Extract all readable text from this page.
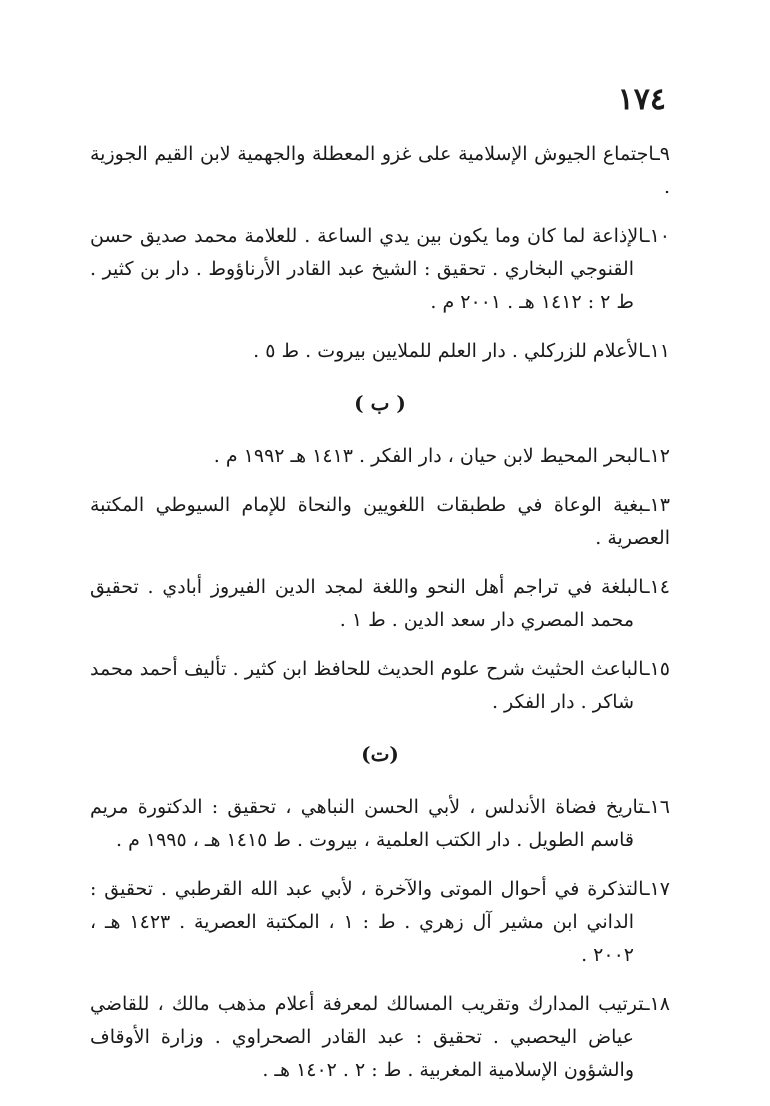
١٧٤
٩ـاجتماع الجيوش الإسلامية على غزو المعطلة والجهمية لابن القيم الجوزية .
١٠ـالإذاعة لما كان وما يكون بين يدي الساعة . للعلامة محمد صديق حسن القنوجي البخاري . تحقيق : الشيخ عبد القادر الأرناؤوط . دار بن كثير . ط ٢ : ١٤١٢ هـ . ٢٠٠١ م .
١١ـالأعلام للزركلي . دار العلم للملايين بيروت . ط ٥ .
( ب )
١٢ـالبحر المحيط لابن حيان ، دار الفكر . ١٤١٣ هـ ١٩٩٢ م .
١٣ـبغية الوعاة في ططبقات اللغويين والنحاة للإمام السيوطي المكتبة العصرية .
١٤ـالبلغة في تراجم أهل النحو واللغة لمجد الدين الفيروز أبادي . تحقيق محمد المصري دار سعد الدين . ط ١ .
١٥ـالباعث الحثيث شرح علوم الحديث للحافظ ابن كثير . تأليف أحمد محمد شاكر . دار الفكر .
(ت)
١٦ـتاريخ فضاة الأندلس ، لأبي الحسن النباهي ، تحقيق : الدكتورة مريم قاسم الطويل . دار الكتب العلمية ، بيروت . ط ١٤١٥ هـ ، ١٩٩٥ م .
١٧ـالتذكرة في أحوال الموتى والآخرة ، لأبي عبد الله القرطبي . تحقيق : الداني ابن مشير آل زهري . ط : ١ ، المكتبة العصرية . ١٤٢٣ هـ ، ٢٠٠٢ .
١٨ـترتيب المدارك وتقريب المسالك لمعرفة أعلام مذهب مالك ، للقاضي عياض اليحصبي . تحقيق : عبد القادر الصحراوي . وزارة الأوقاف والشؤون الإسلامية المغربية . ط : ٢ . ١٤٠٢ هـ .
